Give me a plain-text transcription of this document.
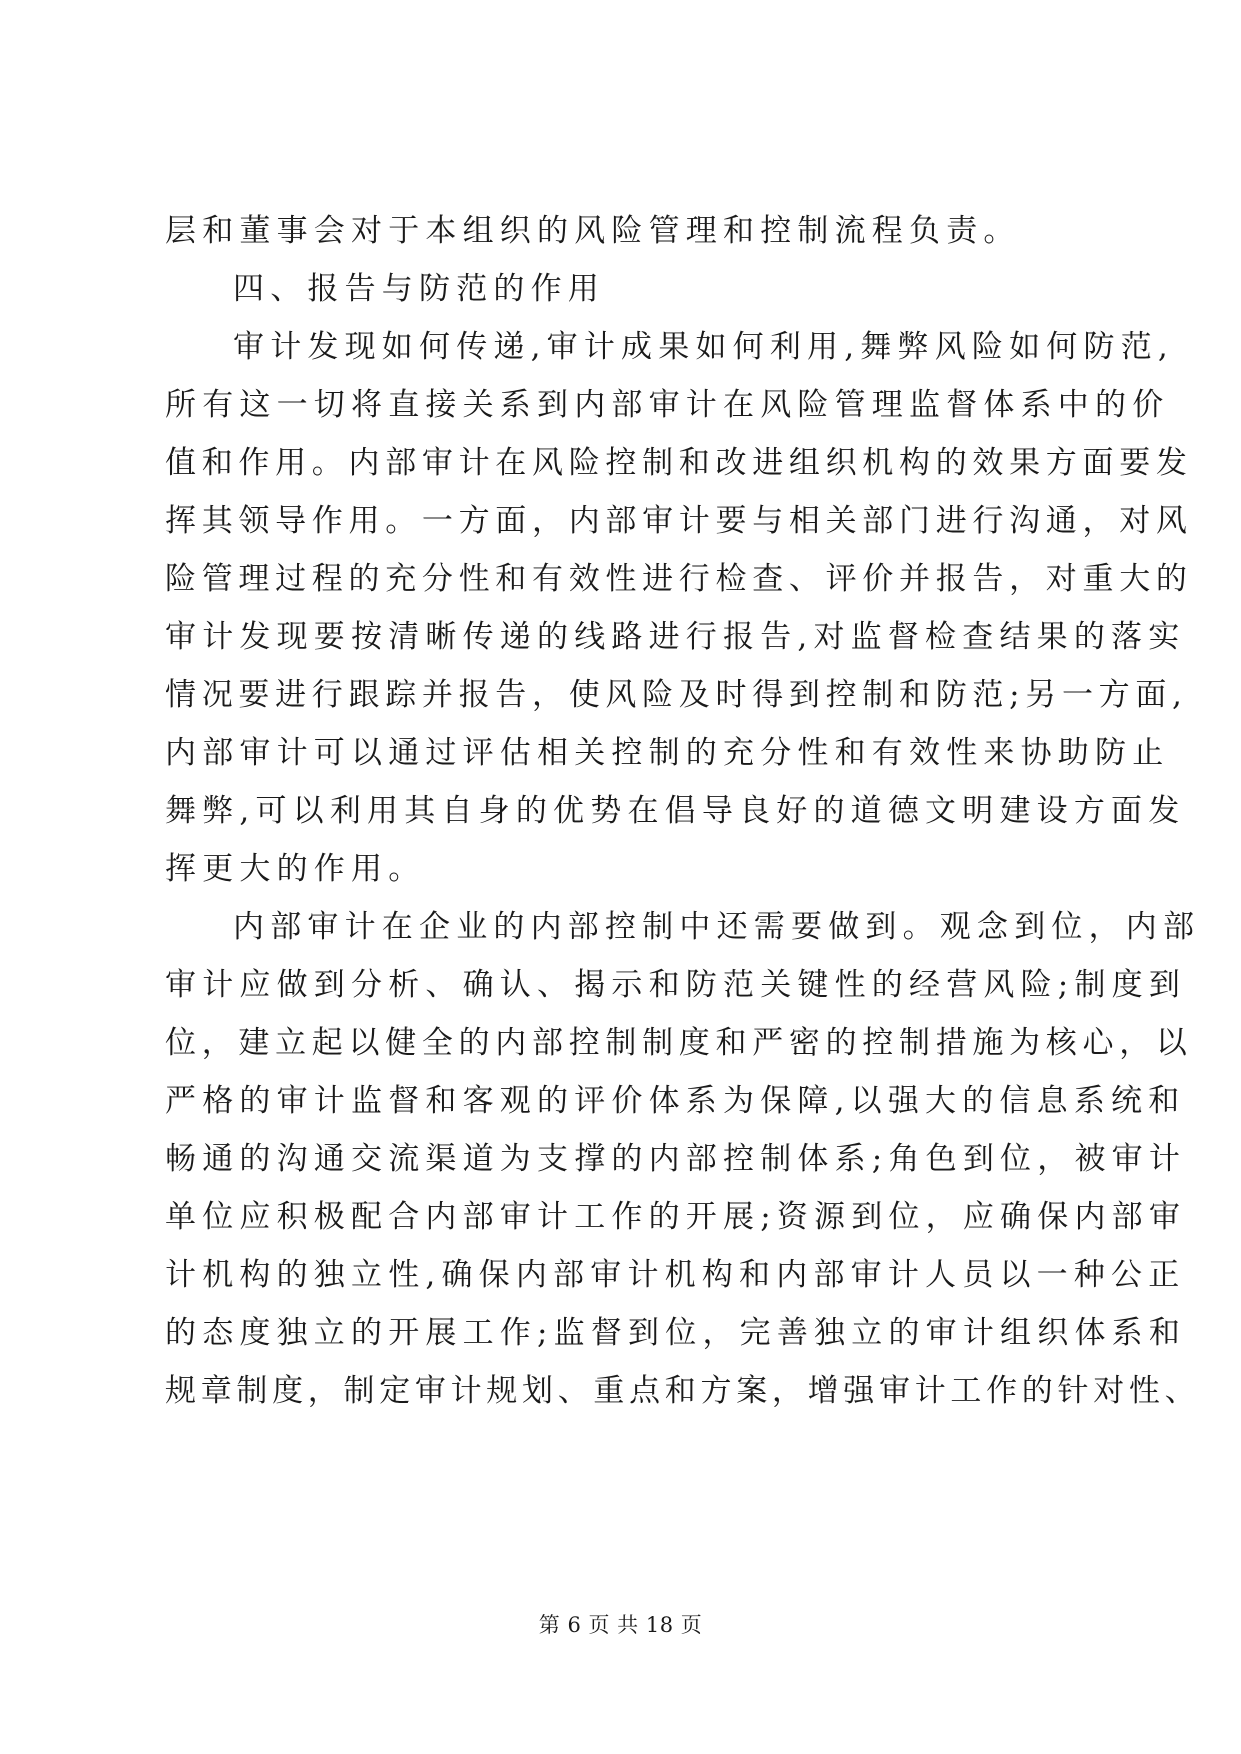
层和董事会对于本组织的风险管理和控制流程负责。
四、报告与防范的作用
审计发现如何传递,审计成果如何利用,舞弊风险如何防范,
所有这一切将直接关系到内部审计在风险管理监督体系中的价
值和作用。内部审计在风险控制和改进组织机构的效果方面要发
挥其领导作用。一方面，内部审计要与相关部门进行沟通，对风
险管理过程的充分性和有效性进行检查、评价并报告，对重大的
审计发现要按清晰传递的线路进行报告,对监督检查结果的落实
情况要进行跟踪并报告，使风险及时得到控制和防范;另一方面,
内部审计可以通过评估相关控制的充分性和有效性来协助防止
舞弊,可以利用其自身的优势在倡导良好的道德文明建设方面发
挥更大的作用。
内部审计在企业的内部控制中还需要做到。观念到位，内部
审计应做到分析、确认、揭示和防范关键性的经营风险;制度到
位，建立起以健全的内部控制制度和严密的控制措施为核心，以
严格的审计监督和客观的评价体系为保障,以强大的信息系统和
畅通的沟通交流渠道为支撑的内部控制体系;角色到位，被审计
单位应积极配合内部审计工作的开展;资源到位，应确保内部审
计机构的独立性,确保内部审计机构和内部审计人员以一种公正
的态度独立的开展工作;监督到位，完善独立的审计组织体系和
规章制度，制定审计规划、重点和方案，增强审计工作的针对性、
第 6 页 共 18 页
